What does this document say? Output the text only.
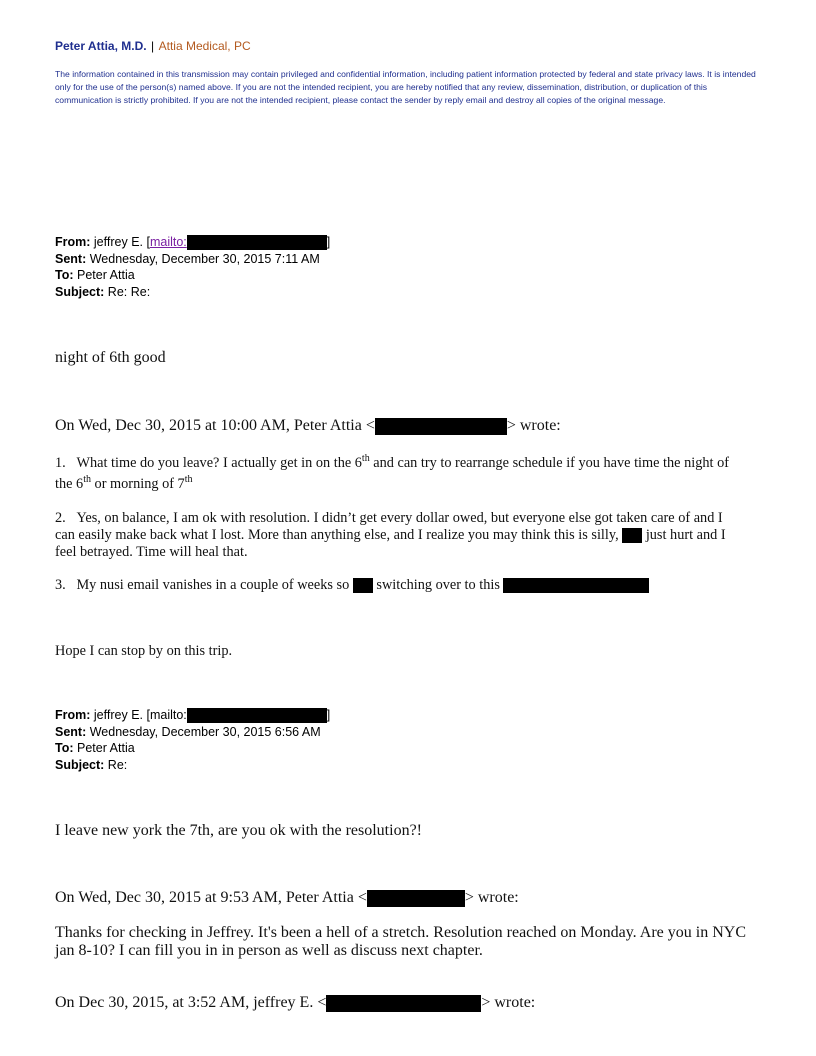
Peter Attia, M.D. | Attia Medical, PC
The information contained in this transmission may contain privileged and confidential information, including patient information protected by federal and state privacy laws. It is intended only for the use of the person(s) named above. If you are not the intended recipient, you are hereby notified that any review, dissemination, distribution, or duplication of this communication is strictly prohibited. If you are not the intended recipient, please contact the sender by reply email and destroy all copies of the original message.
From: jeffrey E. [mailto:	]
Sent: Wednesday, December 30, 2015 7:11 AM
To: Peter Attia
Subject: Re: Re:
night of 6th good
On Wed, Dec 30, 2015 at 10:00 AM, Peter Attia <	> wrote:
1. What time do you leave? I actually get in on the 6th and can try to rearrange schedule if you have time the night of
the 6th or morning of 7th
2. Yes, on balance, I am ok with resolution. I didn’t get every dollar owed, but everyone else got taken care of and I
can easily make back what I lost. More than anything else, and I realize you may think this is silly, just hurt and I
feel betrayed. Time will heal that.
3. My nusi email vanishes in a couple of weeks so switching over to this
Hope I can stop by on this trip.
From: jeffrey E. [mailto:	]
Sent: Wednesday, December 30, 2015 6:56 AM
To: Peter Attia
Subject: Re:
I leave new york the 7th, are you ok with the resolution?!
On Wed, Dec 30, 2015 at 9:53 AM, Peter Attia <	> wrote:
Thanks for checking in Jeffrey. It's been a hell of a stretch. Resolution reached on Monday. Are you in NYC
jan 8-10? I can fill you in in person as well as discuss next chapter.
On Dec 30, 2015, at 3:52 AM, jeffrey E. <	> wrote:
